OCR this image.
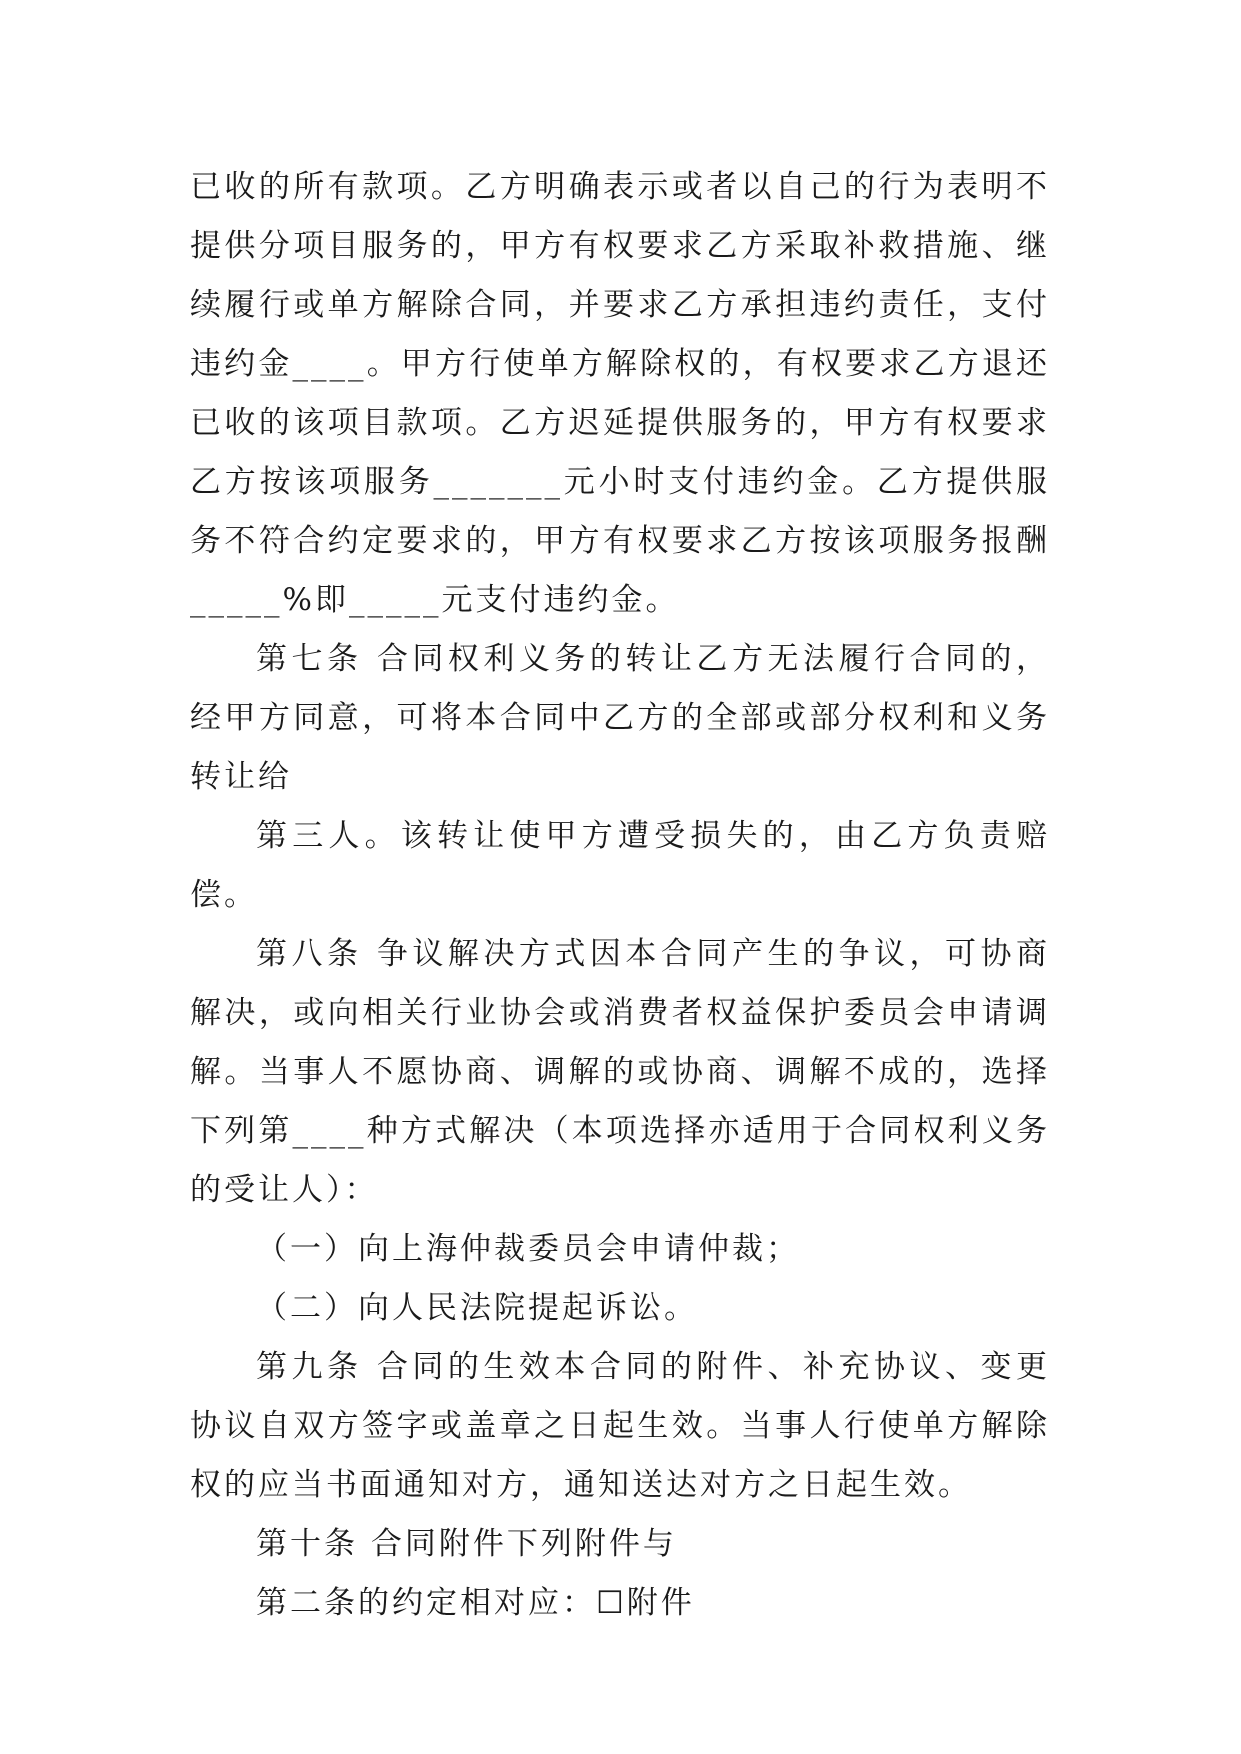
已收的所有款项。乙方明确表示或者以自己的行为表明不提供分项目服务的，甲方有权要求乙方采取补救措施、继续履行或单方解除合同，并要求乙方承担违约责任，支付违约金____。甲方行使单方解除权的，有权要求乙方退还已收的该项目款项。乙方迟延提供服务的，甲方有权要求乙方按该项服务_______元小时支付违约金。乙方提供服务不符合约定要求的，甲方有权要求乙方按该项服务报酬_____%即_____元支付违约金。

第七条 合同权利义务的转让乙方无法履行合同的，经甲方同意，可将本合同中乙方的全部或部分权利和义务转让给

第三人。该转让使甲方遭受损失的，由乙方负责赔偿。

第八条 争议解决方式因本合同产生的争议，可协商解决，或向相关行业协会或消费者权益保护委员会申请调解。当事人不愿协商、调解的或协商、调解不成的，选择下列第____种方式解决（本项选择亦适用于合同权利义务的受让人）：

（一）向上海仲裁委员会申请仲裁；

（二）向人民法院提起诉讼。

第九条 合同的生效本合同的附件、补充协议、变更协议自双方签字或盖章之日起生效。当事人行使单方解除权的应当书面通知对方，通知送达对方之日起生效。

第十条 合同附件下列附件与

第二条的约定相对应：☐附件
